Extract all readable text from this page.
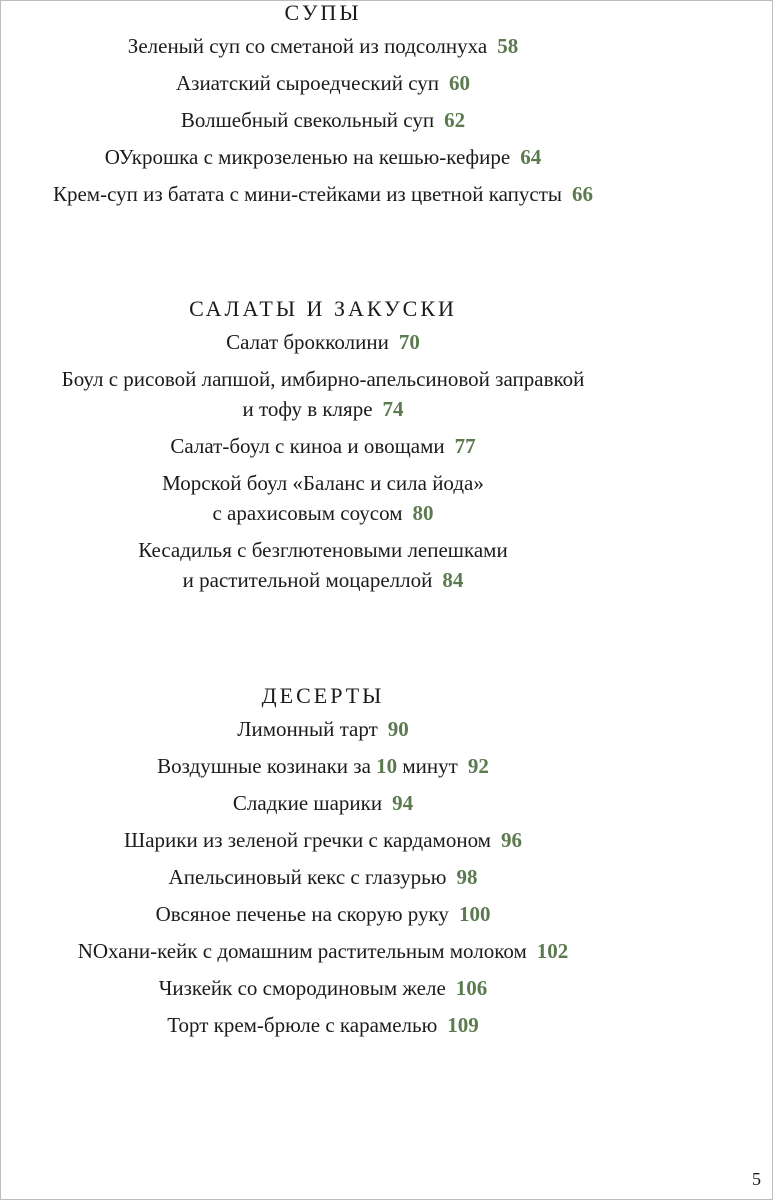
СУПЫ

Зеленый суп со сметаной из подсолнуха 58

Азиатский сыроедческий суп 60

Волшебный свекольный суп 62

ОУкрошка с микрозеленью на кешью-кефире 64

Крем-суп из батата с мини-стейками из цветной капусты 66

САЛАТЫ И ЗАКУСКИ

Салат брокколини 70

Боул с рисовой лапшой, имбирно-апельсиновой заправкой
и тофу в кляре 74

Салат-боул с киноа и овощами 77

Морской боул «Баланс и сила йода»
с арахисовым соусом 80

Кесадилья с безглютеновыми лепешками
и растительной моцареллой 84

ДЕСЕРТЫ

Лимонный тарт 90

Воздушные козинаки за 10 минут 92

Сладкие шарики 94

Шарики из зеленой гречки с кардамоном 96

Апельсиновый кекс с глазурью 98

Овсяное печенье на скорую руку 100

NОхани-кейк с домашним растительным молоком 102

Чизкейк со смородиновым желе 106

Торт крем-брюле с карамелью 109

5
